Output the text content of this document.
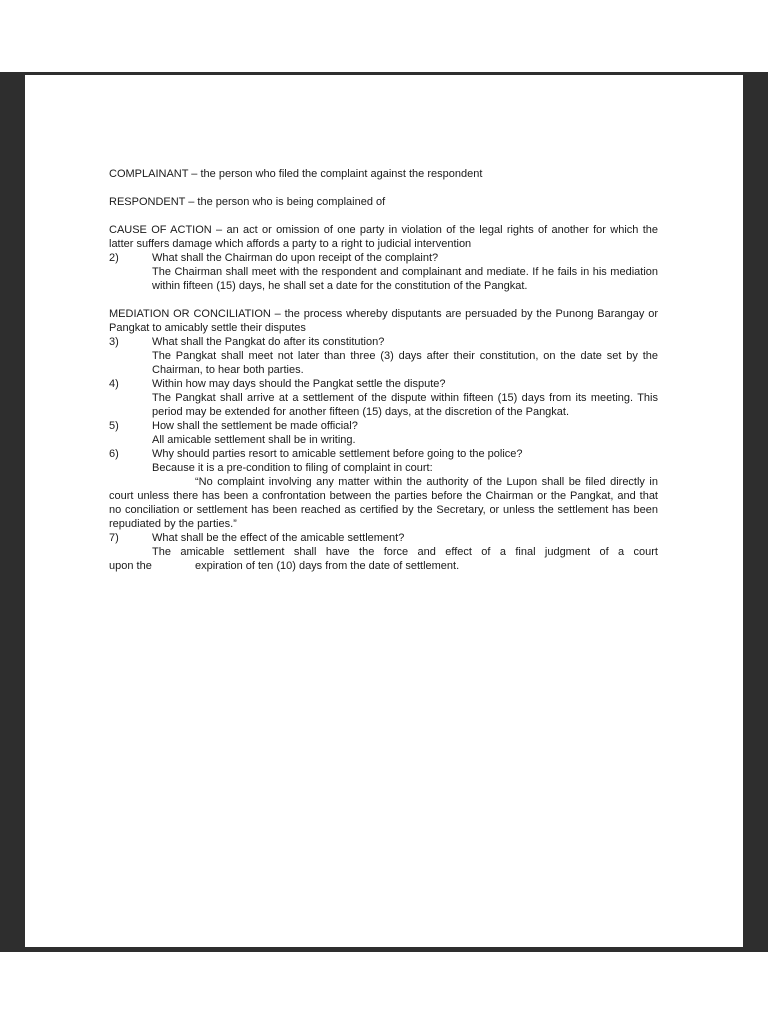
COMPLAINANT – the person who filed the complaint against the respondent

RESPONDENT – the person who is being complained of

CAUSE OF ACTION – an act or omission of one party in violation of the legal rights of another for which the latter suffers damage which affords a party to a right to judicial intervention

2)	What shall the Chairman do upon receipt of the complaint?

The Chairman shall meet with the respondent and complainant and mediate. If he fails in his mediation within fifteen (15) days, he shall set a date for the constitution of the Pangkat.

MEDIATION OR CONCILIATION – the process whereby disputants are persuaded by the Punong Barangay or Pangkat to amicably settle their disputes

3)	What shall the Pangkat do after its constitution?

The Pangkat shall meet not later than three (3) days after their constitution, on the date set by the Chairman, to hear both parties.

4)	Within how may days should the Pangkat settle the dispute?

The Pangkat shall arrive at a settlement of the dispute within fifteen (15) days from its meeting. This period may be extended for another fifteen (15) days, at the discretion of the Pangkat.

5)	How shall the settlement be made official?

All amicable settlement shall be in writing.

6)	Why should parties resort to amicable settlement before going to the police?

Because it is a pre-condition to filing of complaint in court:

“No complaint involving any matter within the authority of the Lupon shall be filed directly in court unless there has been a confrontation between the parties before the Chairman or the Pangkat, and that no conciliation or settlement has been reached as certified by the Secretary, or unless the settlement has been repudiated by the parties.”

7)	What shall be the effect of the amicable settlement?

The amicable settlement shall have the force and effect of a final judgment of a court

upon the	expiration of ten (10) days from the date of settlement.
